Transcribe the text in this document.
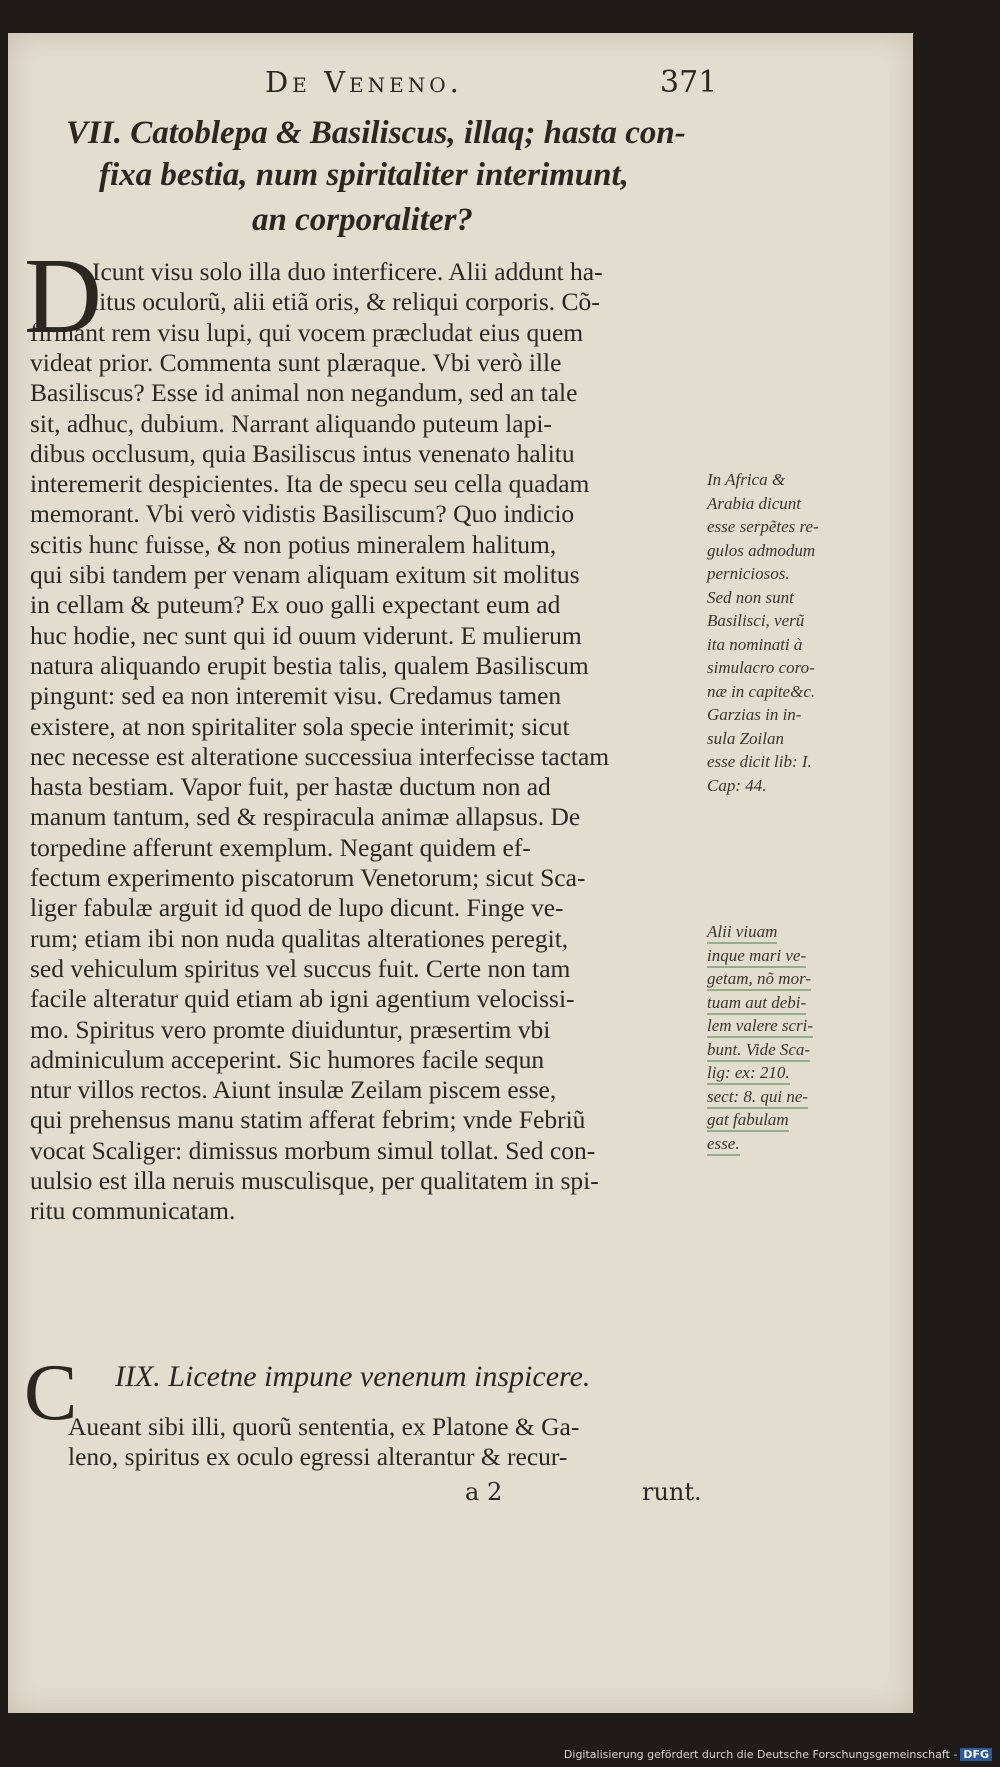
De Veneno.	371
VII. Catoblepa & Basiliscus, illaq; hasta con-
fixa bestia, num spiritaliter interimunt,
an corporaliter?
D
Icunt visu solo illa duo interficere. Alii addunt ha-
litus oculorũ, alii etiã oris, & reliqui corporis. Cõ-
firmant rem visu lupi, qui vocem præcludat eius quem
videat prior. Commenta sunt plæraque. Vbi verò ille
Basiliscus? Esse id animal non negandum, sed an tale
sit, adhuc, dubium. Narrant aliquando puteum lapi-
dibus occlusum, quia Basiliscus intus venenato halitu
interemerit despicientes. Ita de specu seu cella quadam
memorant. Vbi verò vidistis Basiliscum? Quo indicio
scitis hunc fuisse, & non potius mineralem halitum,
qui sibi tandem per venam aliquam exitum sit molitus
in cellam & puteum? Ex ouo galli expectant eum ad
huc hodie, nec sunt qui id ouum viderunt. E mulierum
natura aliquando erupit bestia talis, qualem Basiliscum
pingunt: sed ea non interemit visu. Credamus tamen
existere, at non spiritaliter sola specie interimit; sicut
nec necesse est alteratione successiua interfecisse tactam
hasta bestiam. Vapor fuit, per hastæ ductum non ad
manum tantum, sed & respiracula animæ allapsus. De
torpedine afferunt exemplum. Negant quidem ef-
fectum experimento piscatorum Venetorum; sicut Sca-
liger fabulæ arguit id quod de lupo dicunt. Finge ve-
rum; etiam ibi non nuda qualitas alterationes peregit,
sed vehiculum spiritus vel succus fuit. Certe non tam
facile alteratur quid etiam ab igni agentium velocissi-
mo. Spiritus vero promte diuiduntur, præsertim vbi
adminiculum acceperint. Sic humores facile sequn
ntur villos rectos. Aiunt insulæ Zeilam piscem esse,
qui prehensus manu statim afferat febrim; vnde Febriũ
vocat Scaliger: dimissus morbum simul tollat. Sed con-
uulsio est illa neruis musculisque, per qualitatem in spi-
ritu communicatam.
In Africa &
Arabia dicunt
esse serpẽtes re-
gulos admodum
perniciosos.
Sed non sunt
Basilisci, verũ
ita nominati à
simulacro coro-
næ in capite&c.
Garzias in in-
sula Zoilan
esse dicit lib: I.
Cap: 44.
Alii viuam
inque mari ve-
getam, nõ mor-
tuam aut debi-
lem valere scri-
bunt. Vide Sca-
lig: ex: 210.
sect: 8. qui ne-
gat fabulam
esse.
IIX. Licetne impune venenum inspicere.
C
Aueant sibi illi, quorũ sententia, ex Platone & Ga-
leno, spiritus ex oculo egressi alterantur & recur-
a 2	runt.
Digitalisierung gefördert durch die Deutsche Forschungsgemeinschaft - DFG
